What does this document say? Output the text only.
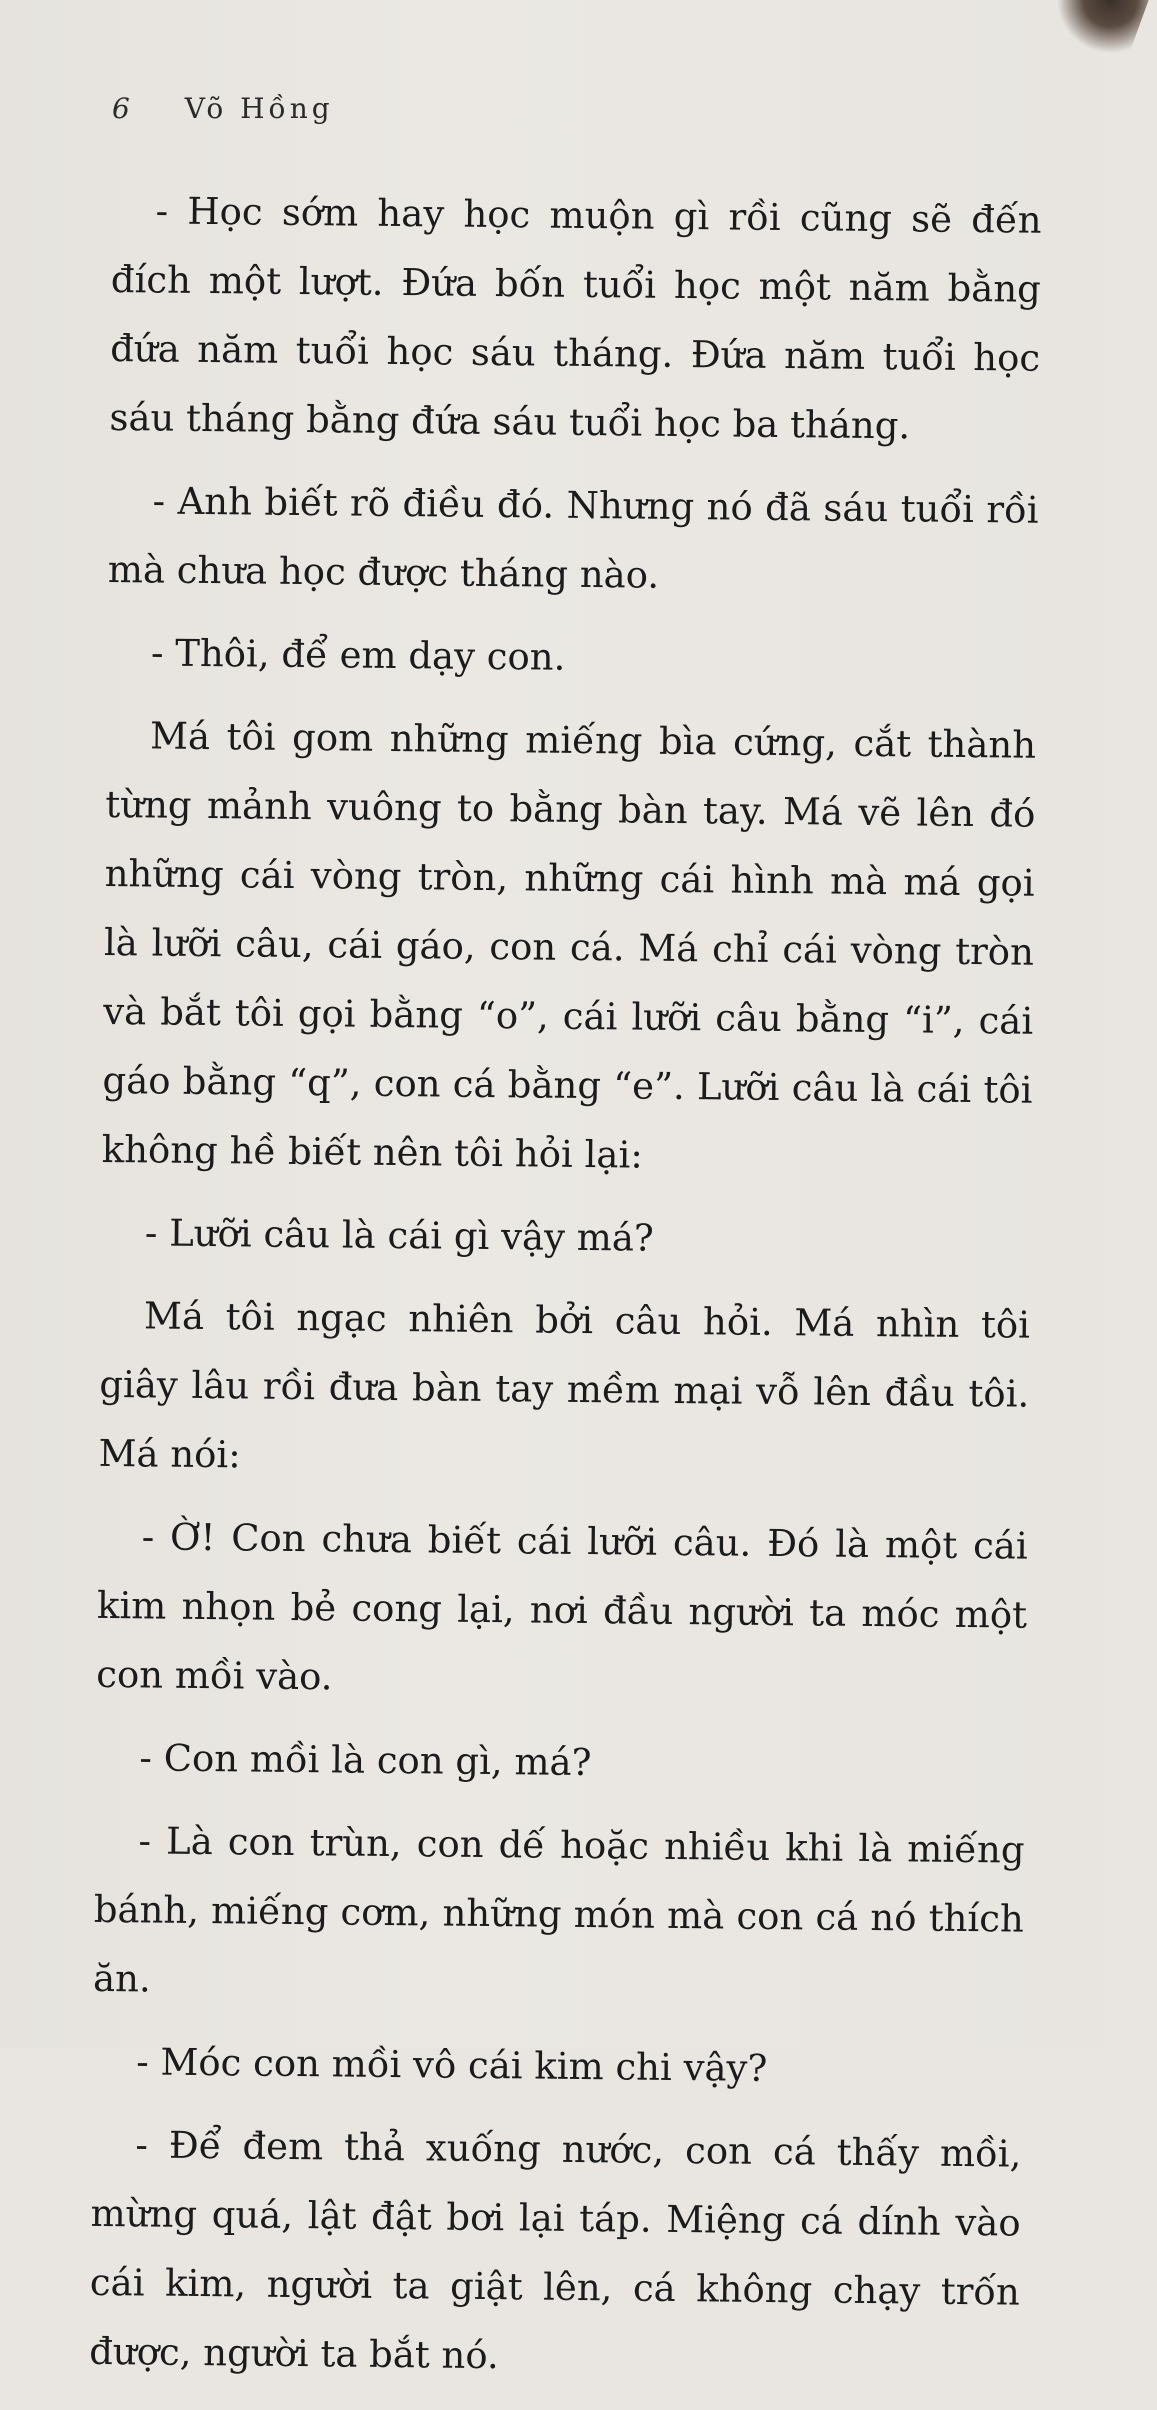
6 Võ Hồng

- Học sớm hay học muộn gì rồi cũng sẽ đến đích một lượt. Đứa bốn tuổi học một năm bằng đứa năm tuổi học sáu tháng. Đứa năm tuổi học sáu tháng bằng đứa sáu tuổi học ba tháng.

- Anh biết rõ điều đó. Nhưng nó đã sáu tuổi rồi mà chưa học được tháng nào.

- Thôi, để em dạy con.

Má tôi gom những miếng bìa cứng, cắt thành từng mảnh vuông to bằng bàn tay. Má vẽ lên đó những cái vòng tròn, những cái hình mà má gọi là lưỡi câu, cái gáo, con cá. Má chỉ cái vòng tròn và bắt tôi gọi bằng “o”, cái lưỡi câu bằng “i”, cái gáo bằng “q”, con cá bằng “e”. Lưỡi câu là cái tôi không hề biết nên tôi hỏi lại:

- Lưỡi câu là cái gì vậy má?

Má tôi ngạc nhiên bởi câu hỏi. Má nhìn tôi giây lâu rồi đưa bàn tay mềm mại vỗ lên đầu tôi. Má nói:

- Ờ! Con chưa biết cái lưỡi câu. Đó là một cái kim nhọn bẻ cong lại, nơi đầu người ta móc một con mồi vào.

- Con mồi là con gì, má?

- Là con trùn, con dế hoặc nhiều khi là miếng bánh, miếng cơm, những món mà con cá nó thích ăn.

- Móc con mồi vô cái kim chi vậy?

- Để đem thả xuống nước, con cá thấy mồi, mừng quá, lật đật bơi lại táp. Miệng cá dính vào cái kim, người ta giật lên, cá không chạy trốn được, người ta bắt nó.
